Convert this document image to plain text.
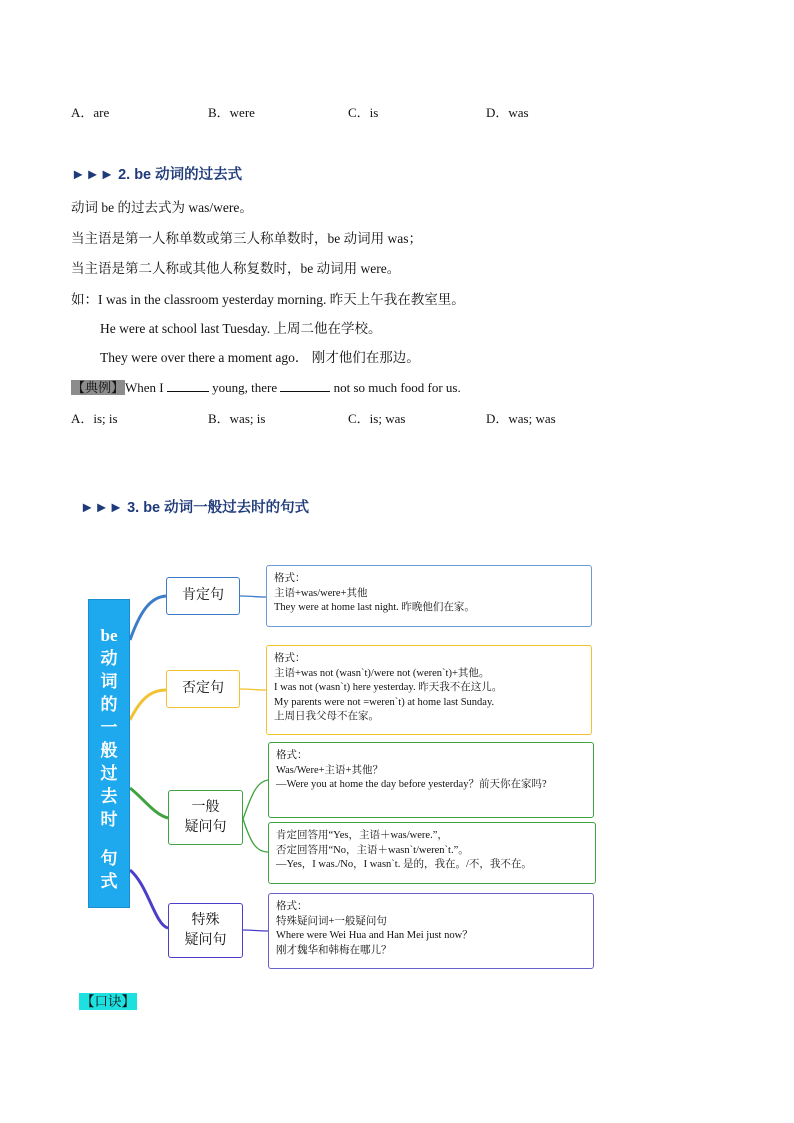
A．are	B．were	C．is	D．was
►►► 2. be 动词的过去式
动词 be 的过去式为 was/were。
当主语是第一人称单数或第三人称单数时，be 动词用 was；
当主语是第二人称或其他人称复数时，be 动词用 were。
如：I was in the classroom yesterday morning. 昨天上午我在教室里。
He were at school last Tuesday. 上周二他在学校。
They were over there a moment ago． 刚才他们在那边。
【典例】When I	young, there	not so much food for us.
A．is; is	B．was; is	C．is; was	D．was; was
►►► 3. be 动词一般过去时的句式
be
动
词
的
一
般
过
去
时
句
式
肯定句
格式：
主语+was/were+其他
They were at home last night. 昨晚他们在家。
否定句
格式：
主语+was not (wasn`t)/were not (weren`t)+其他。
I was not (wasn`t) here yesterday. 昨天我不在这儿。
My parents were not =weren`t) at home last Sunday.
上周日我父母不在家。
一般
疑问句
格式：
Was/Were+主语+其他？
—Were you at home the day before yesterday？前天你在家吗?
肯定回答用“Yes，主语＋was/were.”，
否定回答用“No，主语＋wasn`t/weren`t.”。
—Yes，I was./No，I wasn`t. 是的，我在。/不，我不在。
特殊
疑问句
格式：
特殊疑问词+一般疑问句
Where were Wei Hua and Han Mei just now？
刚才魏华和韩梅在哪儿？
【口诀】
